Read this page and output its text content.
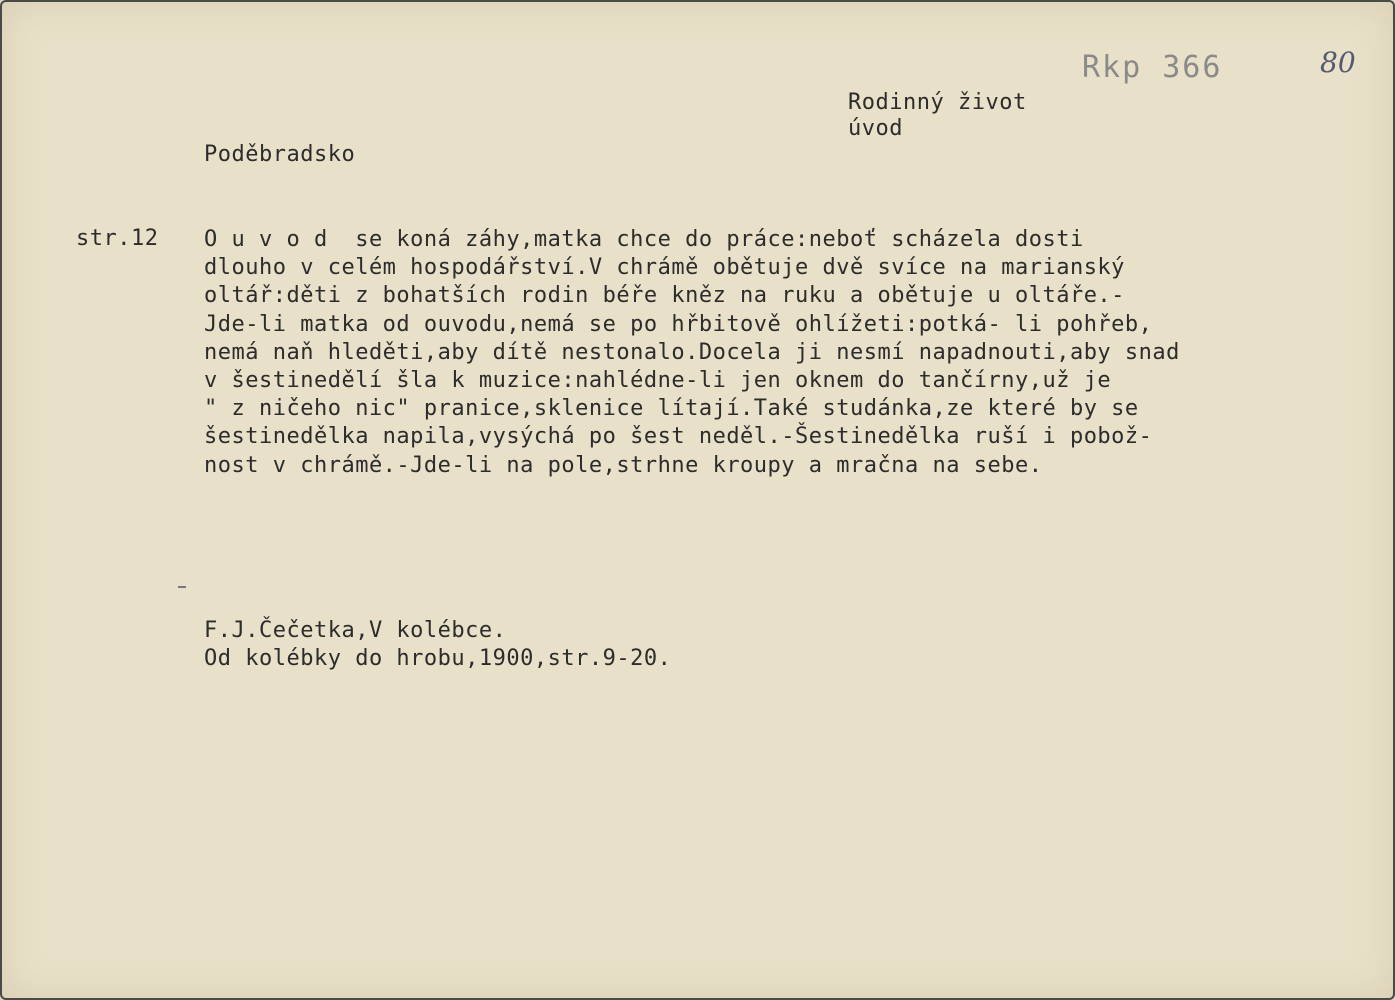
Rkp 366	80
Rodinný život
úvod
Poděbradsko
str.12 O u v o d  se koná záhy,matka chce do práce:neboť scházela dosti
dlouho v celém hospodářství.V chrámě obětuje dvě svíce na marianský
oltář:děti z bohatších rodin béře kněz na ruku a obětuje u oltáře.-
Jde-li matka od ouvodu,nemá se po hřbitově ohlížeti:potká- li pohřeb,
nemá naň hleděti,aby dítě nestonalo.Docela ji nesmí napadnouti,aby snad
v šestinedělí šla k muzice:nahlédne-li jen oknem do tančírny,už je
" z ničeho nic" pranice,sklenice lítají.Také studánka,ze které by se
šestinedělka napila,vysýchá po šest neděl.-Šestinedělka ruší i pobož-
nost v chrámě.-Jde-li na pole,strhne kroupy a mračna na sebe.
F.J.Čečetka,V kolébce.
Od kolébky do hrobu,1900,str.9-20.
